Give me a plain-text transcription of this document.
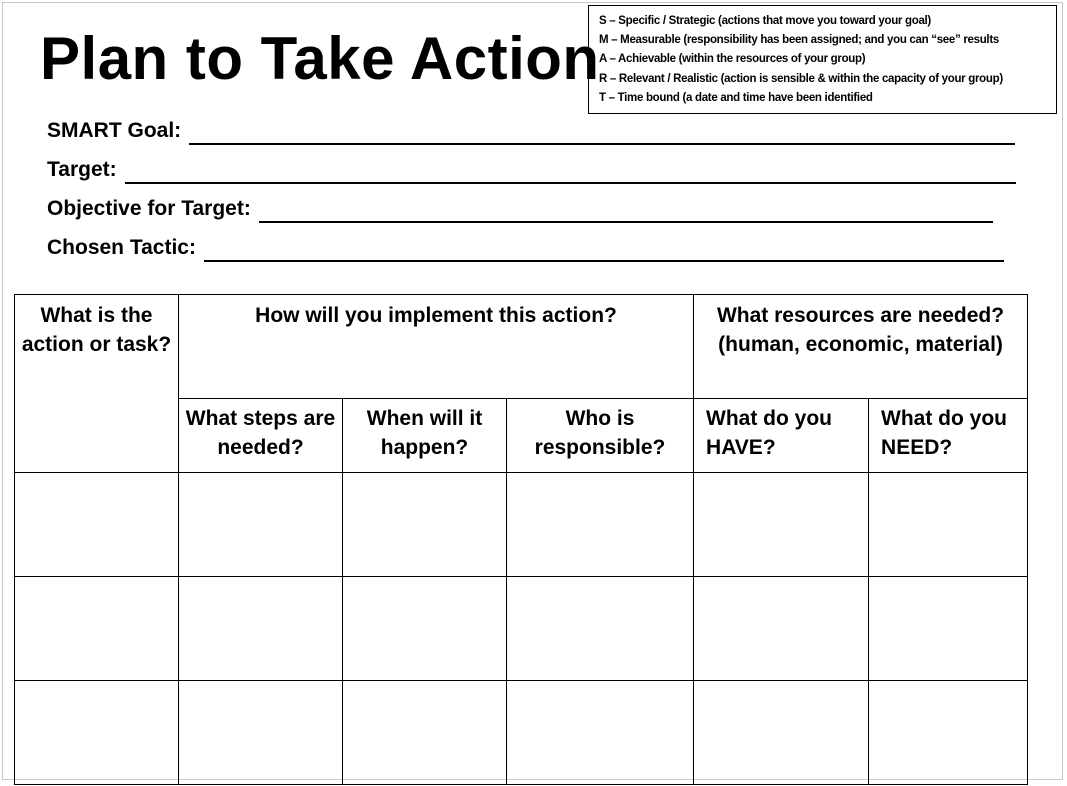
Plan to Take Action
S – Specific / Strategic (actions that move you toward your goal)
M – Measurable (responsibility has been assigned; and you can “see” results
A – Achievable (within the resources of your group)
R – Relevant / Realistic (action is sensible & within the capacity of your group)
T – Time bound (a date and time have been identified
SMART Goal:
Target:
Objective for Target:
Chosen Tactic:
What is the action or task?	How will you implement this action?			What resources are needed? (human, economic, material)	
	What steps are needed?	When will it happen?	Who is responsible?	What do you HAVE?	What do you NEED?
